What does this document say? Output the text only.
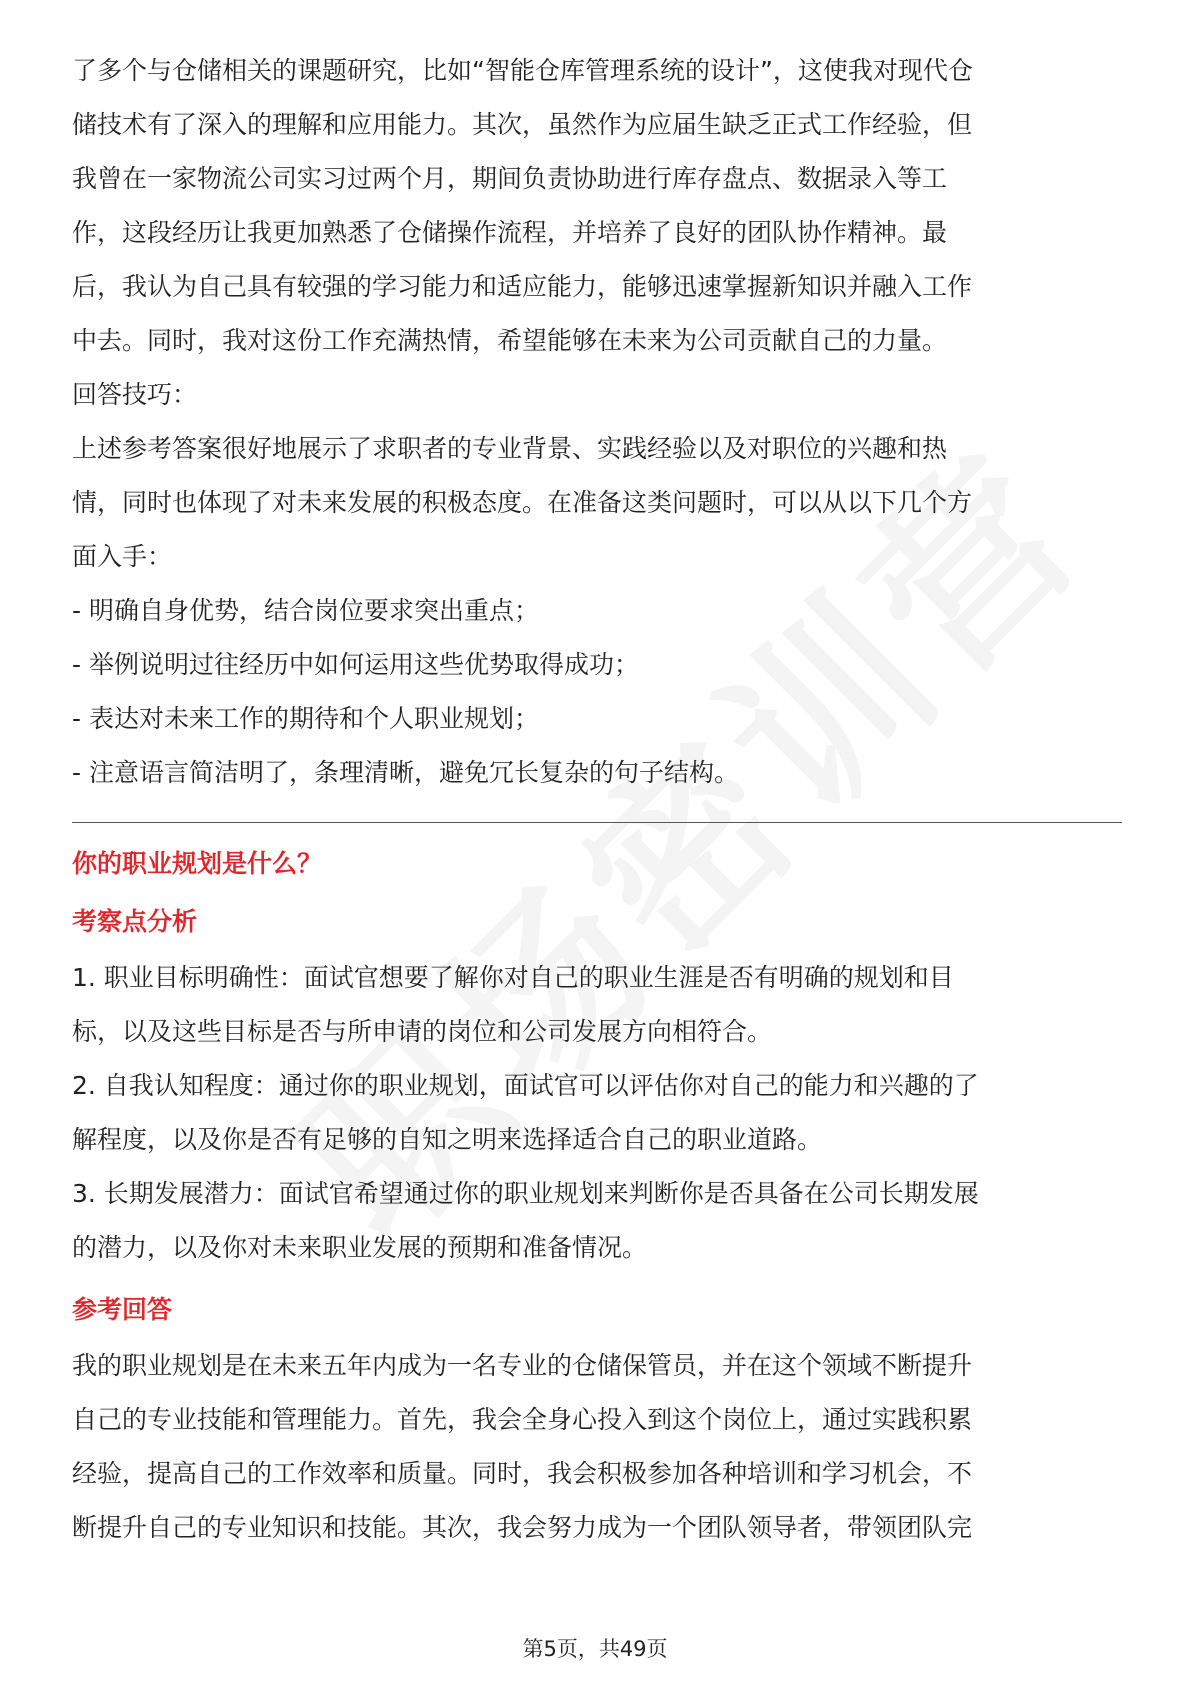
了多个与仓储相关的课题研究，比如“智能仓库管理系统的设计”，这使我对现代仓

储技术有了深入的理解和应用能力。其次，虽然作为应届生缺乏正式工作经验，但

我曾在一家物流公司实习过两个月，期间负责协助进行库存盘点、数据录入等工

作，这段经历让我更加熟悉了仓储操作流程，并培养了良好的团队协作精神。最

后，我认为自己具有较强的学习能力和适应能力，能够迅速掌握新知识并融入工作

中去。同时，我对这份工作充满热情，希望能够在未来为公司贡献自己的力量。

回答技巧：

上述参考答案很好地展示了求职者的专业背景、实践经验以及对职位的兴趣和热

情，同时也体现了对未来发展的积极态度。在准备这类问题时，可以从以下几个方

面入手：

- 明确自身优势，结合岗位要求突出重点；

- 举例说明过往经历中如何运用这些优势取得成功；

- 表达对未来工作的期待和个人职业规划；

- 注意语言简洁明了，条理清晰，避免冗长复杂的句子结构。

你的职业规划是什么？

考察点分析

1. 职业目标明确性：面试官想要了解你对自己的职业生涯是否有明确的规划和目

标，以及这些目标是否与所申请的岗位和公司发展方向相符合。

2. 自我认知程度：通过你的职业规划，面试官可以评估你对自己的能力和兴趣的了

解程度，以及你是否有足够的自知之明来选择适合自己的职业道路。

3. 长期发展潜力：面试官希望通过你的职业规划来判断你是否具备在公司长期发展

的潜力，以及你对未来职业发展的预期和准备情况。

参考回答

我的职业规划是在未来五年内成为一名专业的仓储保管员，并在这个领域不断提升

自己的专业技能和管理能力。首先，我会全身心投入到这个岗位上，通过实践积累

经验，提高自己的工作效率和质量。同时，我会积极参加各种培训和学习机会，不

断提升自己的专业知识和技能。其次，我会努力成为一个团队领导者，带领团队完

第5页，共49页
